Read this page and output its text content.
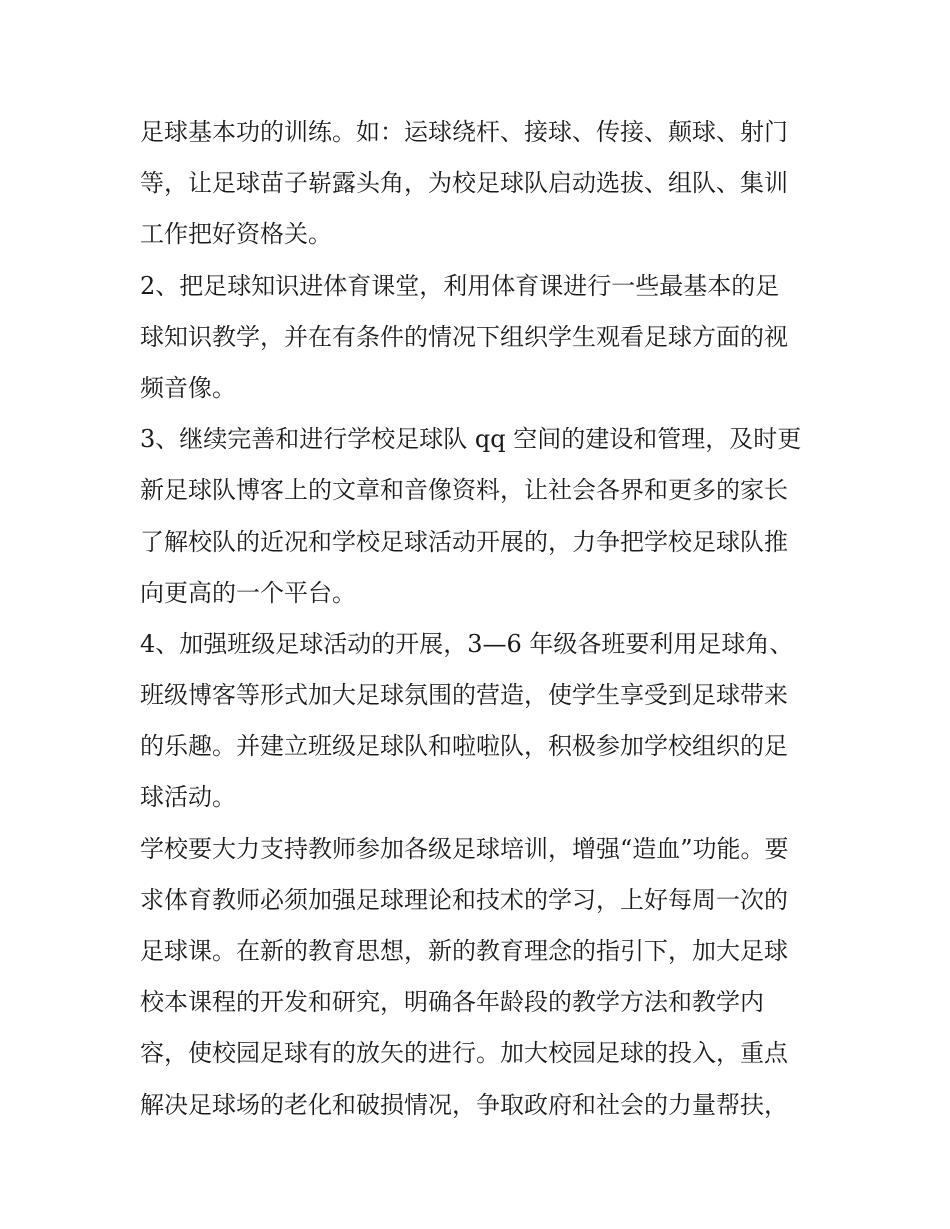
足球基本功的训练。如：运球绕杆、接球、传接、颠球、射门
等，让足球苗子崭露头角，为校足球队启动选拔、组队、集训
工作把好资格关。
2、把足球知识进体育课堂，利用体育课进行一些最基本的足
球知识教学，并在有条件的情况下组织学生观看足球方面的视
频音像。
3、继续完善和进行学校足球队 qq 空间的建设和管理，及时更
新足球队博客上的文章和音像资料，让社会各界和更多的家长
了解校队的近况和学校足球活动开展的，力争把学校足球队推
向更高的一个平台。
4、加强班级足球活动的开展，3—6 年级各班要利用足球角、
班级博客等形式加大足球氛围的营造，使学生享受到足球带来
的乐趣。并建立班级足球队和啦啦队，积极参加学校组织的足
球活动。
学校要大力支持教师参加各级足球培训，增强“造血”功能。要
求体育教师必须加强足球理论和技术的学习，上好每周一次的
足球课。在新的教育思想，新的教育理念的指引下，加大足球
校本课程的开发和研究，明确各年龄段的教学方法和教学内
容，使校园足球有的放矢的进行。加大校园足球的投入，重点
解决足球场的老化和破损情况，争取政府和社会的力量帮扶，
